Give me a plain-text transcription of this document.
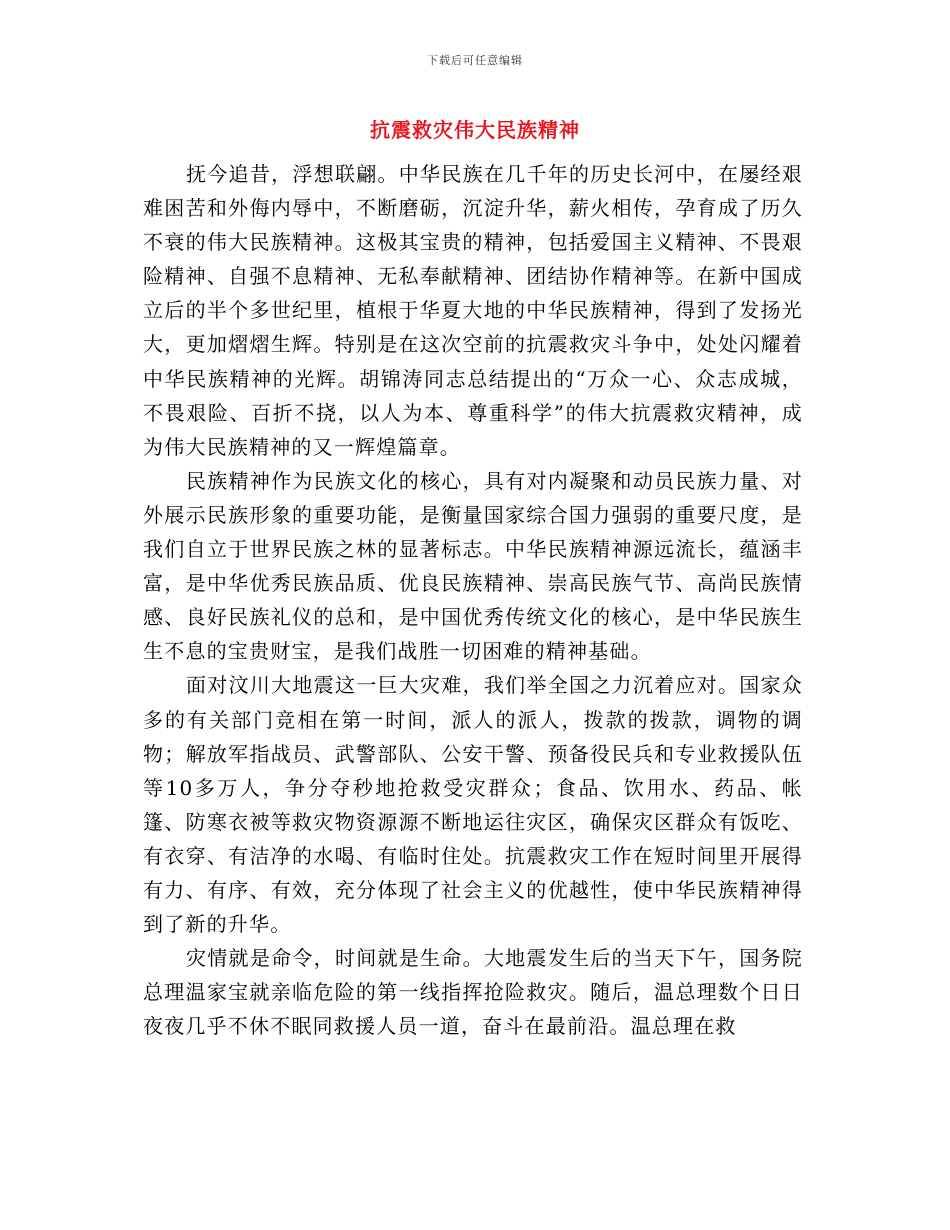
下载后可任意编辑
抗震救灾伟大民族精神

抚今追昔，浮想联翩。中华民族在几千年的历史长河中，在屡经艰难困苦和外侮内辱中，不断磨砺，沉淀升华，薪火相传，孕育成了历久不衰的伟大民族精神。这极其宝贵的精神，包括爱国主义精神、不畏艰险精神、自强不息精神、无私奉献精神、团结协作精神等。在新中国成立后的半个多世纪里，植根于华夏大地的中华民族精神，得到了发扬光大，更加熠熠生辉。特别是在这次空前的抗震救灾斗争中，处处闪耀着中华民族精神的光辉。胡锦涛同志总结提出的“万众一心、众志成城，不畏艰险、百折不挠，以人为本、尊重科学”的伟大抗震救灾精神，成为伟大民族精神的又一辉煌篇章。

民族精神作为民族文化的核心，具有对内凝聚和动员民族力量、对外展示民族形象的重要功能，是衡量国家综合国力强弱的重要尺度，是我们自立于世界民族之林的显著标志。中华民族精神源远流长，蕴涵丰富，是中华优秀民族品质、优良民族精神、崇高民族气节、高尚民族情感、良好民族礼仪的总和，是中国优秀传统文化的核心，是中华民族生生不息的宝贵财宝，是我们战胜一切困难的精神基础。

面对汶川大地震这一巨大灾难，我们举全国之力沉着应对。国家众多的有关部门竞相在第一时间，派人的派人，拨款的拨款，调物的调物；解放军指战员、武警部队、公安干警、预备役民兵和专业救援队伍等10多万人，争分夺秒地抢救受灾群众；食品、饮用水、药品、帐篷、防寒衣被等救灾物资源源不断地运往灾区，确保灾区群众有饭吃、有衣穿、有洁净的水喝、有临时住处。抗震救灾工作在短时间里开展得有力、有序、有效，充分体现了社会主义的优越性，使中华民族精神得到了新的升华。

灾情就是命令，时间就是生命。大地震发生后的当天下午，国务院总理温家宝就亲临危险的第一线指挥抢险救灾。随后，温总理数个日日夜夜几乎不休不眠同救援人员一道，奋斗在最前沿。温总理在救
